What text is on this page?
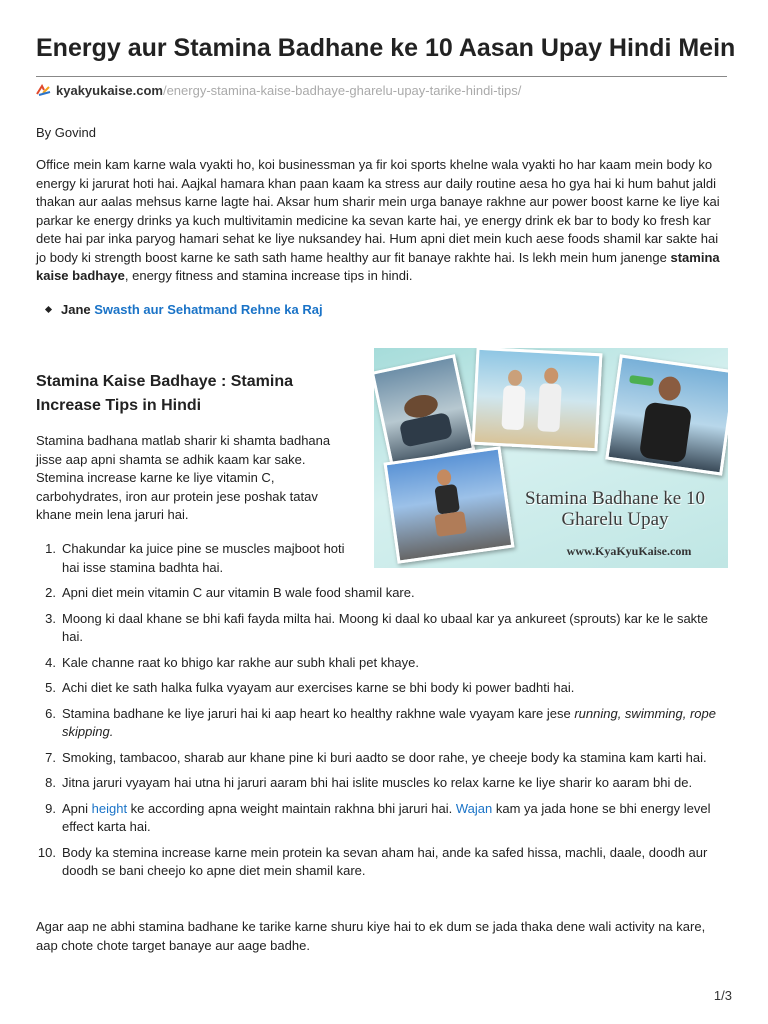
Energy aur Stamina Badhane ke 10 Aasan Upay Hindi Mein
kyakyukaise.com/energy-stamina-kaise-badhaye-gharelu-upay-tarike-hindi-tips/
By Govind

Office mein kam karne wala vyakti ho, koi businessman ya fir koi sports khelne wala vyakti ho har kaam mein body ko energy ki jarurat hoti hai. Aajkal hamara khan paan kaam ka stress aur daily routine aesa ho gya hai ki hum bahut jaldi thakan aur aalas mehsus karne lagte hai. Aksar hum sharir mein urga banaye rakhne aur power boost karne ke liye kai parkar ke energy drinks ya kuch multivitamin medicine ka sevan karte hai, ye energy drink ek bar to body ko fresh kar dete hai par inka paryog hamari sehat ke liye nuksandey hai. Hum apni diet mein kuch aese foods shamil kar sakte hai jo body ki strength boost karne ke sath sath hame healthy aur fit banaye rakhte hai. Is lekh mein hum janenge stamina kaise badhaye, energy fitness and stamina increase tips in hindi.

Jane Swasth aur Sehatmand Rehne ka Raj
Stamina Badhane ke 10 Gharelu Upay
www.KyaKyuKaise.com
Stamina Kaise Badhaye : Stamina Increase Tips in Hindi

Stamina badhana matlab sharir ki shamta badhana jisse aap apni shamta se adhik kaam kar sake. Stemina increase karne ke liye vitamin C, carbohydrates, iron aur protein jese poshak tatav khane mein lena jaruri hai.

1. Chakundar ka juice pine se muscles majboot hoti hai isse stamina badhta hai.
2. Apni diet mein vitamin C aur vitamin B wale food shamil kare.
3. Moong ki daal khane se bhi kafi fayda milta hai. Moong ki daal ko ubaal kar ya ankureet (sprouts) kar ke le sakte hai.
4. Kale channe raat ko bhigo kar rakhe aur subh khali pet khaye.
5. Achi diet ke sath halka fulka vyayam aur exercises karne se bhi body ki power badhti hai.
6. Stamina badhane ke liye jaruri hai ki aap heart ko healthy rakhne wale vyayam kare jese running, swimming, rope skipping.
7. Smoking, tambacoo, sharab aur khane pine ki buri aadto se door rahe, ye cheeje body ka stamina kam karti hai.
8. Jitna jaruri vyayam hai utna hi jaruri aaram bhi hai islite muscles ko relax karne ke liye sharir ko aaram bhi de.
9. Apni height ke according apna weight maintain rakhna bhi jaruri hai. Wajan kam ya jada hone se bhi energy level effect karta hai.
10. Body ka stemina increase karne mein protein ka sevan aham hai, ande ka safed hissa, machli, daale, doodh aur doodh se bani cheejo ko apne diet mein shamil kare.

Agar aap ne abhi stamina badhane ke tarike karne shuru kiye hai to ek dum se jada thaka dene wali activity na kare, aap chote chote target banaye aur aage badhe.

1/3
